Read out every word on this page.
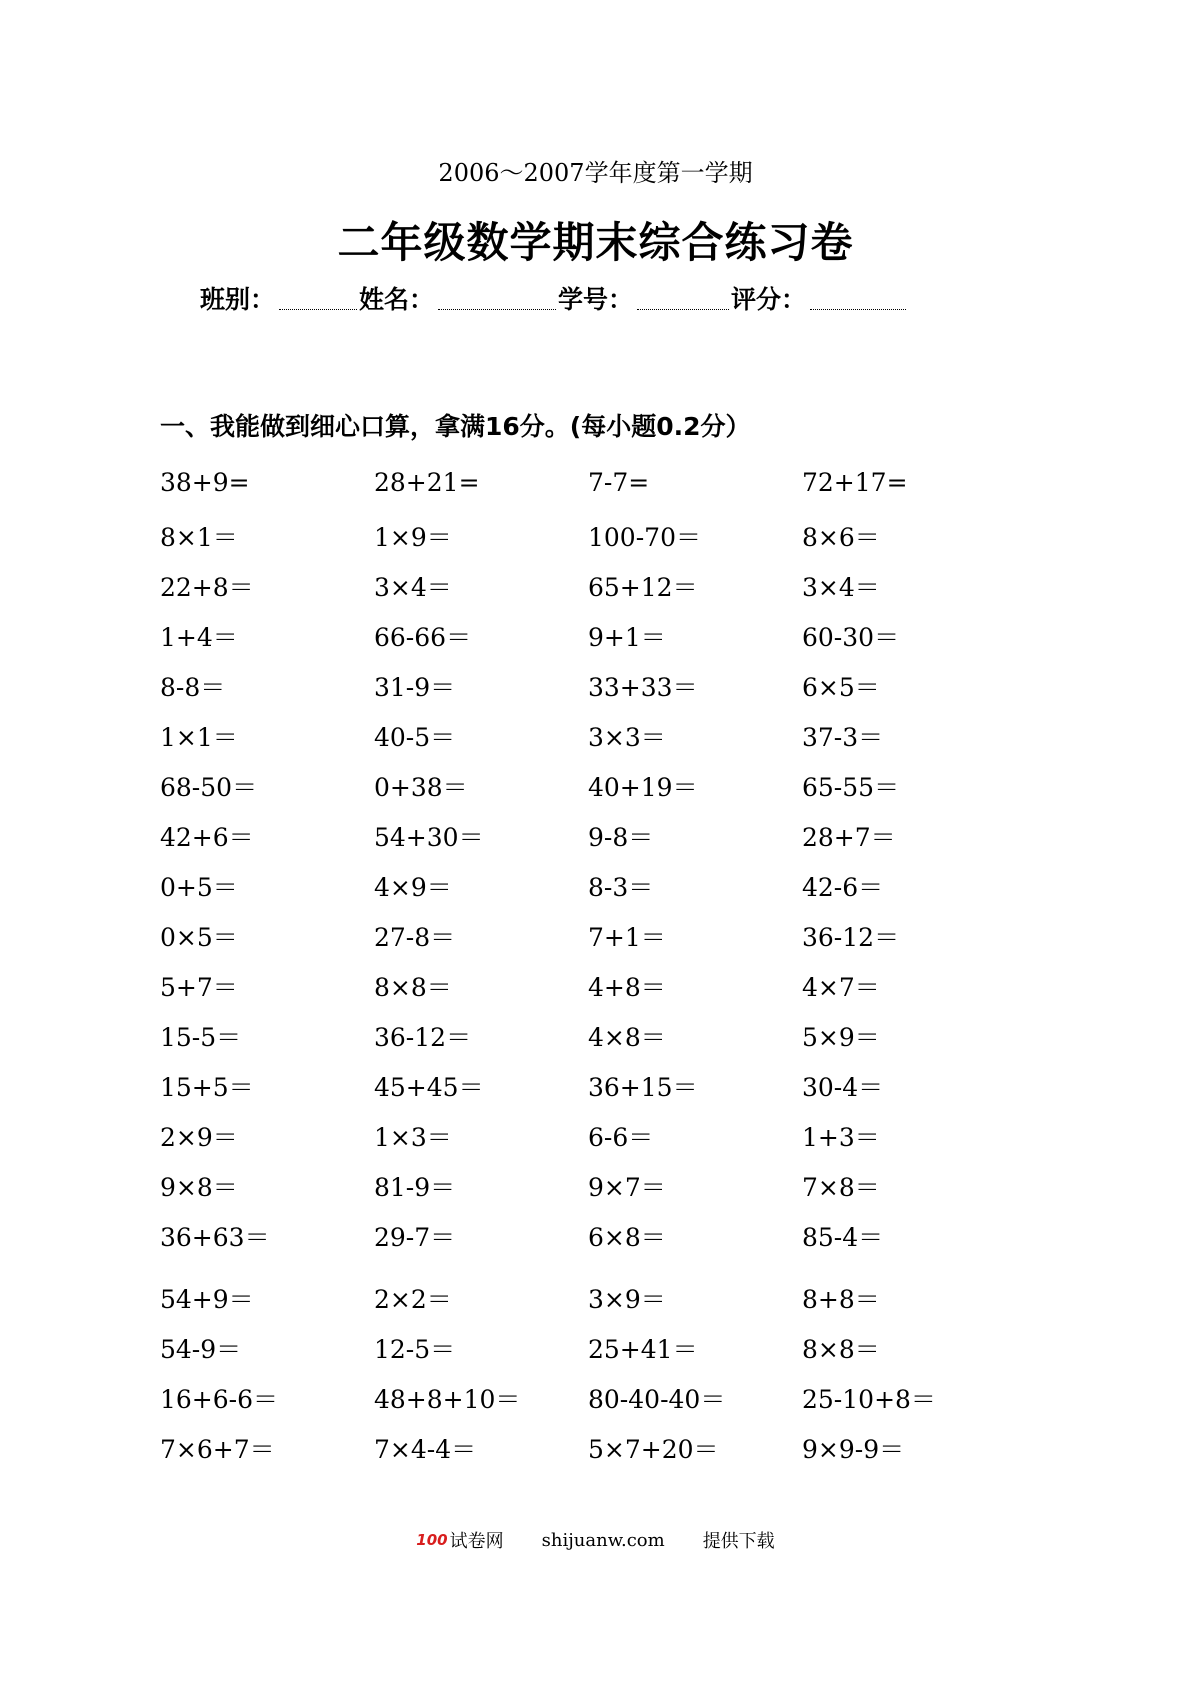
2006～2007学年度第一学期
二年级数学期末综合练习卷
班别：	姓名：	学号：	评分：
一、我能做到细心口算，拿满16分。(每小题0.2分）
38+9=	28+21=	7-7=	72+17=
8×1＝	1×9＝	100-70＝	8×6＝
22+8＝	3×4＝	65+12＝	3×4＝
1+4＝	66-66＝	9+1＝	60-30＝
8-8＝	31-9＝	33+33＝	6×5＝
1×1＝	40-5＝	3×3＝	37-3＝
68-50＝	0+38＝	40+19＝	65-55＝
42+6＝	54+30＝	9-8＝	28+7＝
0+5＝	4×9＝	8-3＝	42-6＝
0×5＝	27-8＝	7+1＝	36-12＝
5+7＝	8×8＝	4+8＝	4×7＝
15-5＝	36-12＝	4×8＝	5×9＝
15+5＝	45+45＝	36+15＝	30-4＝
2×9＝	1×3＝	6-6＝	1+3＝
9×8＝	81-9＝	9×7＝	7×8＝
36+63＝	29-7＝	6×8＝	85-4＝
54+9＝	2×2＝	3×9＝	8+8＝
54-9＝	12-5＝	25+41＝	8×8＝
16+6-6＝	48+8+10＝	80-40-40＝	25-10+8＝
7×6+7＝	7×4-4＝	5×7+20＝	9×9-9＝
100 试卷网 shijuanw.com 提供下载
